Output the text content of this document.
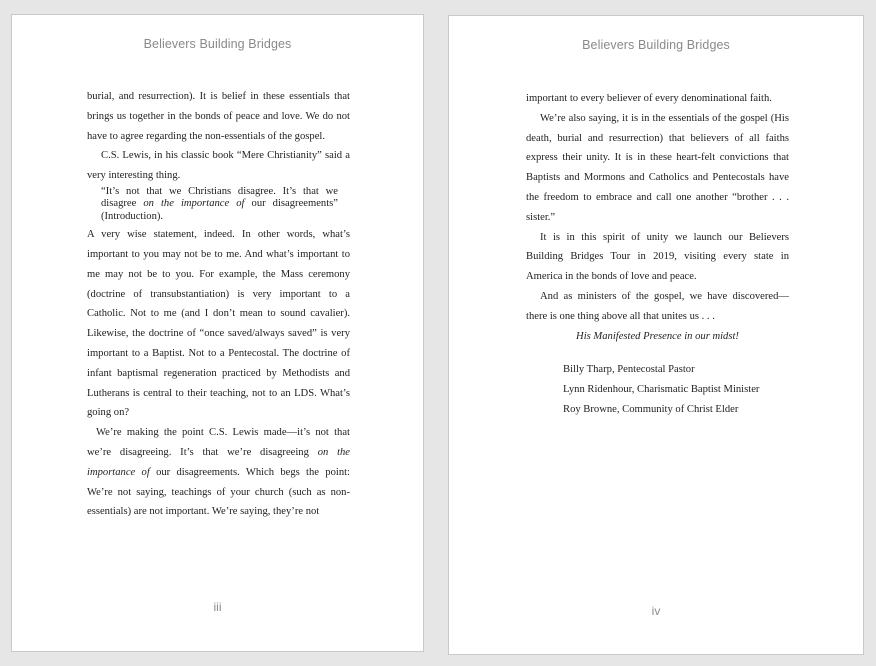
Believers Building Bridges

burial, and resurrection). It is belief in these essentials that brings us together in the bonds of peace and love. We do not have to agree regarding the non-essentials of the gospel.

C.S. Lewis, in his classic book “Mere Christianity” said a very interesting thing.

“It’s not that we Christians disagree. It’s that we disagree on the importance of our disagreements” (Introduction).

A very wise statement, indeed. In other words, what’s important to you may not be to me. And what’s important to me may not be to you. For example, the Mass ceremony (doctrine of transubstantiation) is very important to a Catholic. Not to me (and I don’t mean to sound cavalier). Likewise, the doctrine of “once saved/always saved” is very important to a Baptist. Not to a Pentecostal. The doctrine of infant baptismal regeneration practiced by Methodists and Lutherans is central to their teaching, not to an LDS. What’s going on?

We’re making the point C.S. Lewis made—it’s not that we’re disagreeing. It’s that we’re disagreeing on the importance of our disagreements. Which begs the point: We’re not saying, teachings of your church (such as non-essentials) are not important. We’re saying, they’re not

iii
Believers Building Bridges

important to every believer of every denominational faith.

We’re also saying, it is in the essentials of the gospel (His death, burial and resurrection) that believers of all faiths express their unity. It is in these heart-felt convictions that Baptists and Mormons and Catholics and Pentecostals have the freedom to embrace and call one another “brother . . . sister.”

It is in this spirit of unity we launch our Believers Building Bridges Tour in 2019, visiting every state in America in the bonds of love and peace.

And as ministers of the gospel, we have discovered—there is one thing above all that unites us . . .

His Manifested Presence in our midst!

Billy Tharp, Pentecostal Pastor
Lynn Ridenhour, Charismatic Baptist Minister
Roy Browne, Community of Christ Elder
iv
